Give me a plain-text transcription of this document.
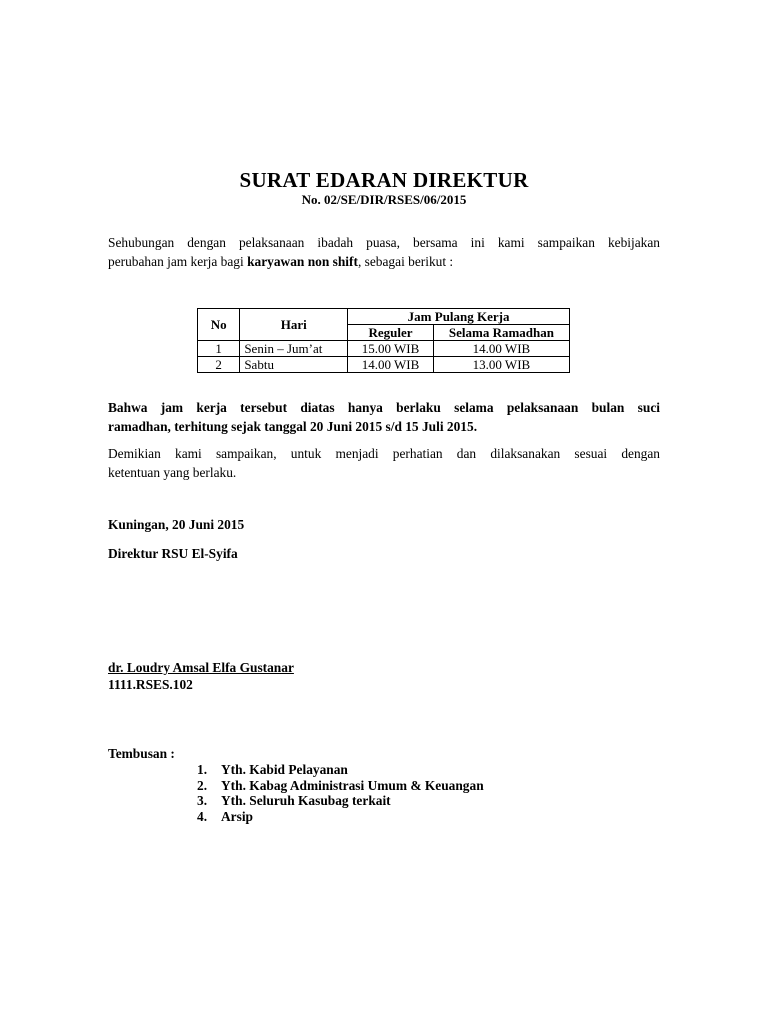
SURAT EDARAN DIREKTUR
No. 02/SE/DIR/RSES/06/2015
Sehubungan dengan pelaksanaan ibadah puasa, bersama ini kami sampaikan kebijakan
perubahan jam kerja bagi karyawan non shift, sebagai berikut :
No	Hari	Jam Pulang Kerja	
		Reguler	Selama Ramadhan
1	Senin – Jum’at	15.00 WIB	14.00 WIB
2	Sabtu	14.00 WIB	13.00 WIB
Bahwa jam kerja tersebut diatas hanya berlaku selama pelaksanaan bulan suci
ramadhan, terhitung sejak tanggal 20 Juni 2015 s/d 15 Juli 2015.
Demikian kami sampaikan, untuk menjadi perhatian dan dilaksanakan sesuai dengan
ketentuan yang berlaku.
Kuningan, 20 Juni 2015
Direktur RSU El-Syifa
dr. Loudry Amsal Elfa Gustanar
1111.RSES.102
Tembusan :
1.	Yth. Kabid Pelayanan
2.	Yth. Kabag Administrasi Umum & Keuangan
3.	Yth. Seluruh Kasubag terkait
4.	Arsip
